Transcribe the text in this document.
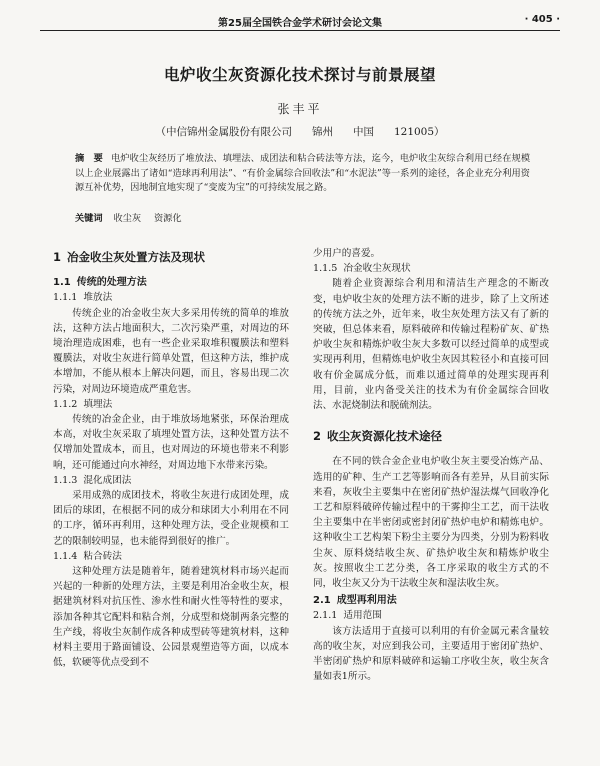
第25届全国铁合金学术研讨会论文集	· 405 ·
电炉收尘灰资源化技术探讨与前景展望
张丰平
（中信锦州金属股份有限公司 锦州 中国 121005）
摘　要 电炉收尘灰经历了堆放法、填埋法、成团法和粘合砖法等方法，迄今，电炉收尘灰综合利用已经在规模以上企业展露出了诸如“造球再利用法”、“有价金属综合回收法”和“水泥法”等一系列的途径，各企业充分利用资源互补优势，因地制宜地实现了“变废为宝”的可持续发展之路。
关键词 收尘灰 资源化
1 冶金收尘灰处置方法及现状
1.1 传统的处理方法
1.1.1 堆放法

传统企业的冶金收尘灰大多采用传统的简单的堆放法，这种方法占地面积大，二次污染严重，对周边的环境治理造成困难，也有一些企业采取堆积覆膜法和塑料覆膜法，对收尘灰进行简单处置，但这种方法，维护成本增加，不能从根本上解决问题，而且，容易出现二次污染，对周边环境造成严重危害。

1.1.2 填埋法

传统的冶金企业，由于堆放场地紧张，环保治理成本高，对收尘灰采取了填埋处置方法，这种处置方法不仅增加处置成本，而且，也对周边的环境也带来不利影响，还可能通过向水神经，对周边地下水带来污染。

1.1.3 混化成团法

采用成熟的成团技术，将收尘灰进行成团处理，成团后的球团，在根据不同的成分和球团大小利用在不同的工序，循环再利用，这种处理方法，受企业规模和工艺的限制较明显，也未能得到很好的推广。

1.1.4 粘合砖法

这种处理方法是随着年，随着建筑材料市场兴起而兴起的一种新的处理方法，主要是利用冶金收尘灰，根据建筑材料对抗压性、渗水性和耐火性等特性的要求，添加各种其它配料和粘合剂，分成型和烧制两条完整的生产线，将收尘灰制作成各种成型砖等建筑材料，这种材料主要用于路面铺设、公园景观塑造等方面，以成本低，软硬等优点受到不

少用户的喜爱。

1.1.5 冶金收尘灰现状

随着企业资源综合利用和清洁生产理念的不断改变，电炉收尘灰的处理方法不断的进步，除了上文所述的传统方法之外，近年来，收尘灰处理方法又有了新的突破，但总体来看，原料破碎和传输过程粉矿灰、矿热炉收尘灰和精炼炉收尘灰大多数可以经过简单的成型或实现再利用，但精炼电炉收尘灰因其粒径小和直接可回收有价金属成分低，而难以通过简单的处理实现再利用，目前，业内备受关注的技术为有价金属综合回收法、水泥烧制法和脱硫剂法。

2 收尘灰资源化技术途径

在不同的铁合金企业电炉收尘灰主要受冶炼产品、选用的矿种、生产工艺等影响而各有差异，从目前实际来看，灰收尘主要集中在密闭矿热炉湿法煤气回收净化工艺和原料破碎传输过程中的干雾抑尘工艺，而干法收尘主要集中在半密闭或密封闭矿热炉电炉和精炼电炉。这种收尘工艺构架下粉尘主要分为四类，分别为粉料收尘灰、原料烧结收尘灰、矿热炉收尘灰和精炼炉收尘灰。按照收尘工艺分类，各工序采取的收尘方式的不同，收尘灰又分为干法收尘灰和湿法收尘灰。

2.1 成型再利用法
2.1.1 适用范围

该方法适用于直接可以利用的有价金属元素含量较高的收尘灰，对应到我公司，主要适用于密闭矿热炉、半密闭矿热炉和原料破碎和运输工序收尘灰，收尘灰含量如表1所示。
